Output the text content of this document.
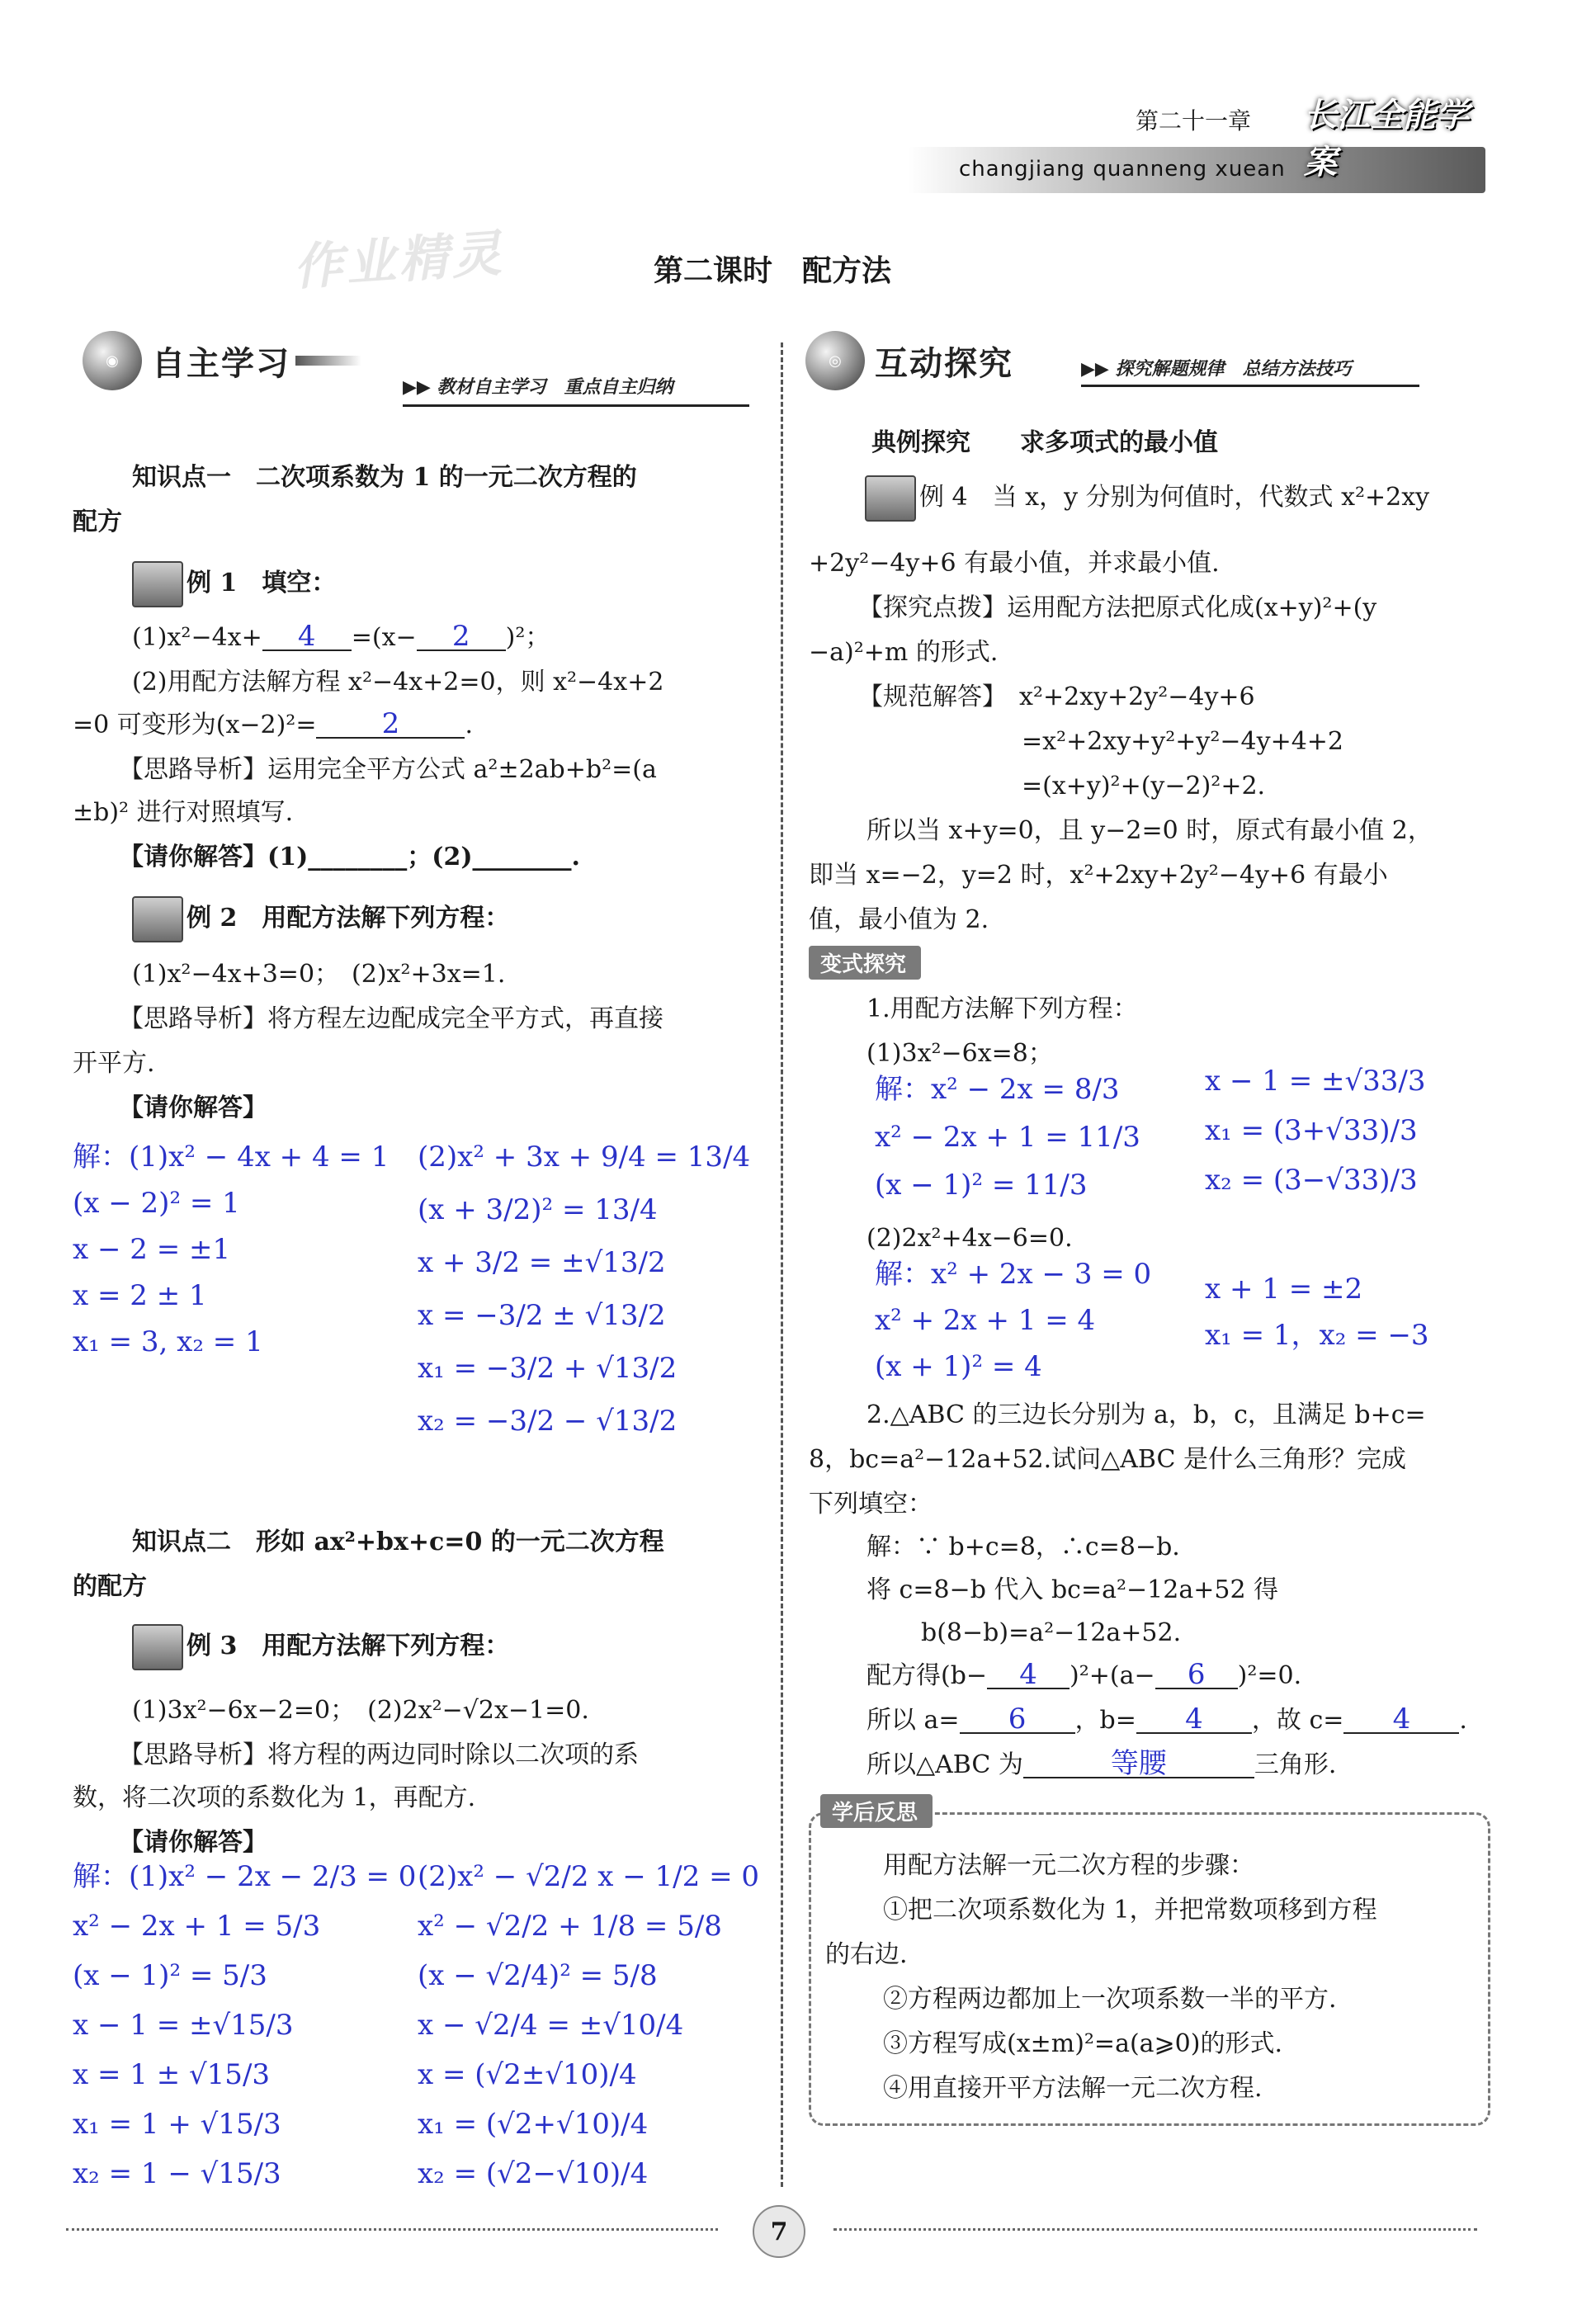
第二十一章
changjiang quanneng xuean
长江全能学案
作业精灵	第二课时　配方法
◉	自主学习
▶▶ 教材自主学习　重点自主归纳
知识点一　二次项系数为 1 的一元二次方程的
配方
例 1　填空：
(1)x²−4x+ 4 =(x− 2 )²；
(2)用配方法解方程 x²−4x+2=0，则 x²−4x+2
=0 可变形为(x−2)²= 2	.
【思路导析】运用完全平方公式 a²±2ab+b²=(a
±b)² 进行对照填写.
【请你解答】(1)________；(2)________.
例 2　用配方法解下列方程：
(1)x²−4x+3=0；　(2)x²+3x=1.
【思路导析】将方程左边配成完全平方式，再直接
开平方.
【请你解答】
解：(1)x² − 4x + 4 = 1
(x − 2)² = 1
x − 2 = ±1
x = 2 ± 1
x₁ = 3, x₂ = 1
(2)x² + 3x + 9/4 = 13/4
(x + 3/2)² = 13/4
x + 3/2 = ±√13/2
x = −3/2 ± √13/2
x₁ = −3/2 + √13/2
x₂ = −3/2 − √13/2
知识点二　形如 ax²+bx+c=0 的一元二次方程
的配方
例 3　用配方法解下列方程：
(1)3x²−6x−2=0；　(2)2x²−√2x−1=0.
【思路导析】将方程的两边同时除以二次项的系
数，将二次项的系数化为 1，再配方.
【请你解答】
解：(1)x² − 2x − 2/3 = 0
x² − 2x + 1 = 5/3
(x − 1)² = 5/3
x − 1 = ±√15/3
x = 1 ± √15/3
x₁ = 1 + √15/3
x₂ = 1 − √15/3
(2)x² − √2/2 x − 1/2 = 0
x² − √2/2 + 1/8 = 5/8
(x − √2/4)² = 5/8
x − √2/4 = ±√10/4
x = (√2±√10)/4
x₁ = (√2+√10)/4
x₂ = (√2−√10)/4
◎	互动探究	▶▶ 探究解题规律　总结方法技巧
典例探究　　求多项式的最小值
例 4　当 x，y 分别为何值时，代数式 x²+2xy
+2y²−4y+6 有最小值，并求最小值.
【探究点拨】运用配方法把原式化成(x+y)²+(y
−a)²+m 的形式.
【规范解答】　x²+2xy+2y²−4y+6
=x²+2xy+y²+y²−4y+4+2
=(x+y)²+(y−2)²+2.
所以当 x+y=0，且 y−2=0 时，原式有最小值 2，
即当 x=−2，y=2 时，x²+2xy+2y²−4y+6 有最小
值，最小值为 2.
变式探究
1.用配方法解下列方程：
(1)3x²−6x=8；
解：x² − 2x = 8/3
x² − 2x + 1 = 11/3
(x − 1)² = 11/3
x − 1 = ±√33/3
x₁ = (3+√33)/3
x₂ = (3−√33)/3
(2)2x²+4x−6=0.
解：x² + 2x − 3 = 0
x² + 2x + 1 = 4
(x + 1)² = 4
x + 1 = ±2
x₁ = 1，x₂ = −3
2.△ABC 的三边长分别为 a，b，c，且满足 b+c=
8，bc=a²−12a+52.试问△ABC 是什么三角形？完成
下列填空：
解：∵ b+c=8，∴c=8−b.
将 c=8−b 代入 bc=a²−12a+52 得
b(8−b)=a²−12a+52.
配方得(b− 4 )²+(a− 6 )²=0.
所以 a= 6 ，b= 4 ，故 c= 4 .
所以△ABC 为	等腰	三角形.
学后反思
用配方法解一元二次方程的步骤：
①把二次项系数化为 1，并把常数项移到方程
的右边.
②方程两边都加上一次项系数一半的平方.
③方程写成(x±m)²=a(a⩾0)的形式.
④用直接开平方法解一元二次方程.
7
